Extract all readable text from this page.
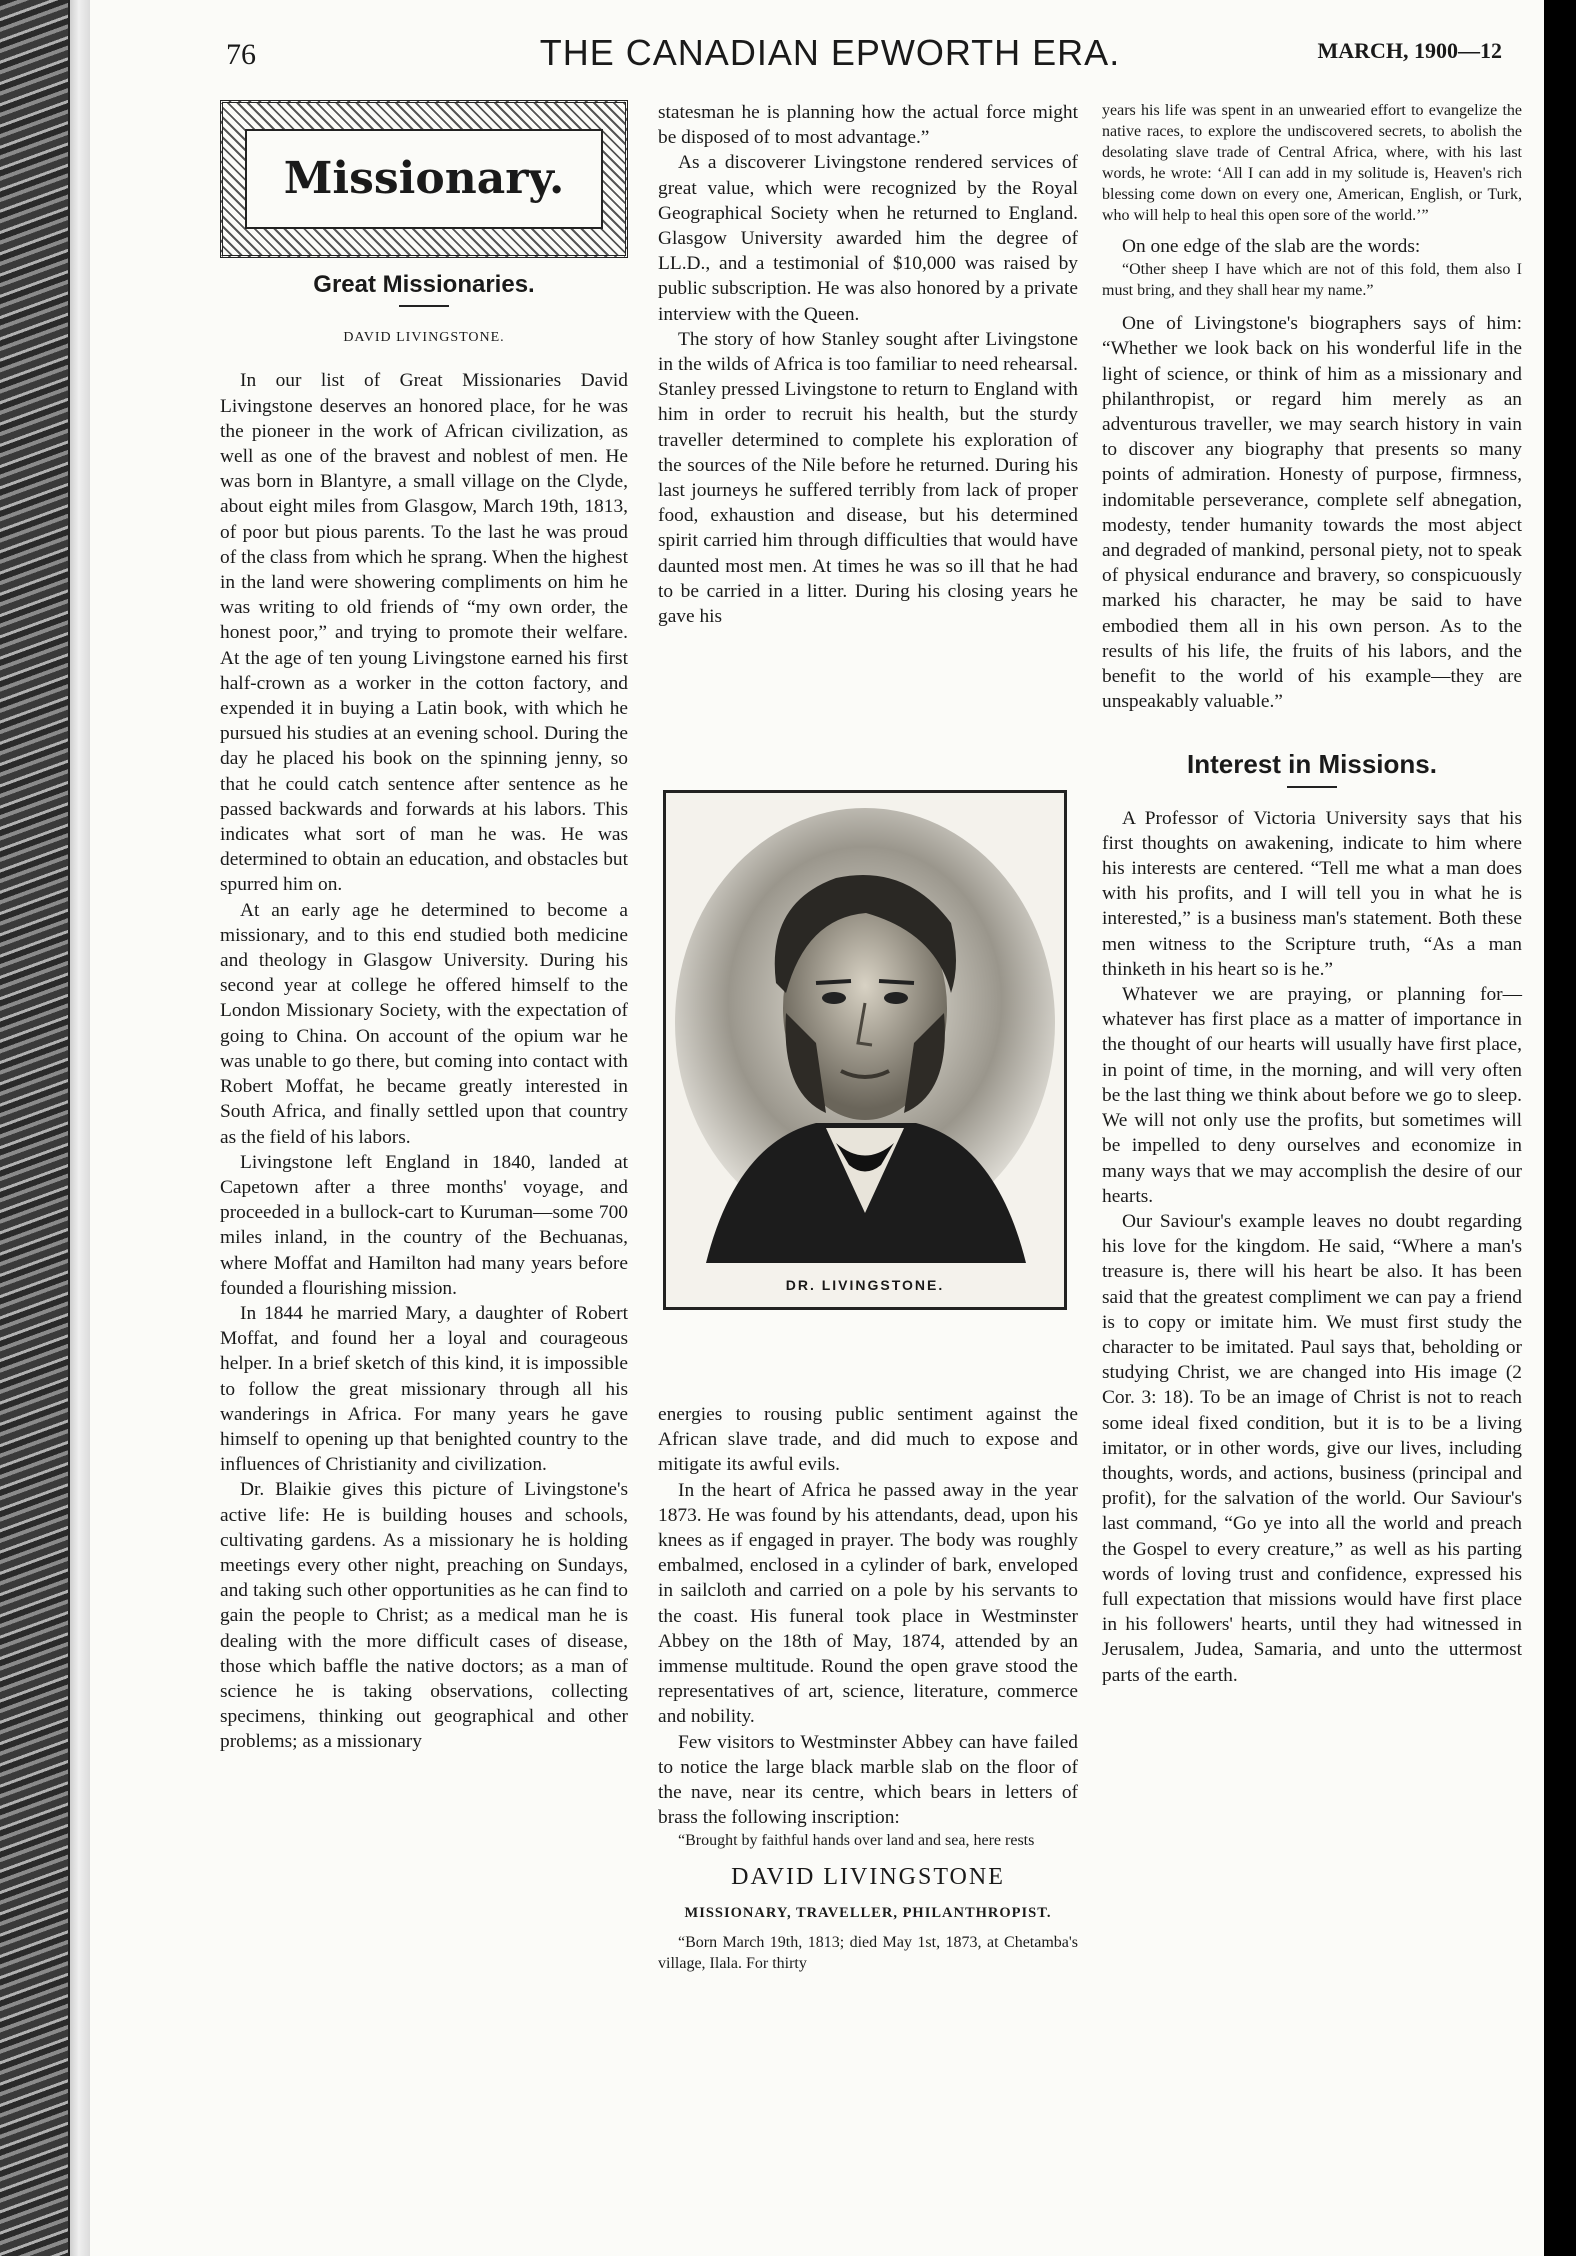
76	THE CANADIAN EPWORTH ERA.	MARCH, 1900—12
Missionary.
Great Missionaries.
DAVID LIVINGSTONE.

In our list of Great Missionaries David Livingstone deserves an honored place, for he was the pioneer in the work of African civilization, as well as one of the bravest and noblest of men. He was born in Blantyre, a small village on the Clyde, about eight miles from Glasgow, March 19th, 1813, of poor but pious parents. To the last he was proud of the class from which he sprang. When the highest in the land were showering compliments on him he was writing to old friends of “my own order, the honest poor,” and trying to promote their welfare. At the age of ten young Livingstone earned his first half-crown as a worker in the cotton factory, and expended it in buying a Latin book, with which he pursued his studies at an evening school. During the day he placed his book on the spinning jenny, so that he could catch sentence after sentence as he passed backwards and forwards at his labors. This indicates what sort of man he was. He was determined to obtain an education, and obstacles but spurred him on.

At an early age he determined to become a missionary, and to this end studied both medicine and theology in Glasgow University. During his second year at college he offered himself to the London Missionary Society, with the expectation of going to China. On account of the opium war he was unable to go there, but coming into contact with Robert Moffat, he became greatly interested in South Africa, and finally settled upon that country as the field of his labors.

Livingstone left England in 1840, landed at Capetown after a three months' voyage, and proceeded in a bullock-cart to Kuruman—some 700 miles inland, in the country of the Bechuanas, where Moffat and Hamilton had many years before founded a flourishing mission.

In 1844 he married Mary, a daughter of Robert Moffat, and found her a loyal and courageous helper. In a brief sketch of this kind, it is impossible to follow the great missionary through all his wanderings in Africa. For many years he gave himself to opening up that benighted country to the influences of Christianity and civilization.

Dr. Blaikie gives this picture of Livingstone's active life: He is building houses and schools, cultivating gardens. As a missionary he is holding meetings every other night, preaching on Sundays, and taking such other opportunities as he can find to gain the people to Christ; as a medical man he is dealing with the more difficult cases of disease, those which baffle the native doctors; as a man of science he is taking observations, collecting specimens, thinking out geographical and other problems; as a missionary

statesman he is planning how the actual force might be disposed of to most advantage.”

As a discoverer Livingstone rendered services of great value, which were recognized by the Royal Geographical Society when he returned to England. Glasgow University awarded him the degree of LL.D., and a testimonial of $10,000 was raised by public subscription. He was also honored by a private interview with the Queen.

The story of how Stanley sought after Livingstone in the wilds of Africa is too familiar to need rehearsal. Stanley pressed Livingstone to return to England with him in order to recruit his health, but the sturdy traveller determined to complete his exploration of the sources of the Nile before he returned. During his last journeys he suffered terribly from lack of proper food, exhaustion and disease, but his determined spirit carried him through difficulties that would have daunted most men. At times he was so ill that he had to be carried in a litter. During his closing years he gave his

DR. LIVINGSTONE.

energies to rousing public sentiment against the African slave trade, and did much to expose and mitigate its awful evils.

In the heart of Africa he passed away in the year 1873. He was found by his attendants, dead, upon his knees as if engaged in prayer. The body was roughly embalmed, enclosed in a cylinder of bark, enveloped in sailcloth and carried on a pole by his servants to the coast. His funeral took place in Westminster Abbey on the 18th of May, 1874, attended by an immense multitude. Round the open grave stood the representatives of art, science, literature, commerce and nobility.

Few visitors to Westminster Abbey can have failed to notice the large black marble slab on the floor of the nave, near its centre, which bears in letters of brass the following inscription:

“Brought by faithful hands over land and sea, here rests

DAVID LIVINGSTONE
MISSIONARY, TRAVELLER, PHILANTHROPIST.

“Born March 19th, 1813; died May 1st, 1873, at Chetamba's village, Ilala. For thirty

years his life was spent in an unwearied effort to evangelize the native races, to explore the undiscovered secrets, to abolish the desolating slave trade of Central Africa, where, with his last words, he wrote: ‘All I can add in my solitude is, Heaven's rich blessing come down on every one, American, English, or Turk, who will help to heal this open sore of the world.’”

On one edge of the slab are the words:

“Other sheep I have which are not of this fold, them also I must bring, and they shall hear my name.”

One of Livingstone's biographers says of him: “Whether we look back on his wonderful life in the light of science, or think of him as a missionary and philanthropist, or regard him merely as an adventurous traveller, we may search history in vain to discover any biography that presents so many points of admiration. Honesty of purpose, firmness, indomitable perseverance, complete self abnegation, modesty, tender humanity towards the most abject and degraded of mankind, personal piety, not to speak of physical endurance and bravery, so conspicuously marked his character, he may be said to have embodied them all in his own person. As to the results of his life, the fruits of his labors, and the benefit to the world of his example—they are unspeakably valuable.”

Interest in Missions.

A Professor of Victoria University says that his first thoughts on awakening, indicate to him where his interests are centered. “Tell me what a man does with his profits, and I will tell you in what he is interested,” is a business man's statement. Both these men witness to the Scripture truth, “As a man thinketh in his heart so is he.”

Whatever we are praying, or planning for—whatever has first place as a matter of importance in the thought of our hearts will usually have first place, in point of time, in the morning, and will very often be the last thing we think about before we go to sleep. We will not only use the profits, but sometimes will be impelled to deny ourselves and economize in many ways that we may accomplish the desire of our hearts.

Our Saviour's example leaves no doubt regarding his love for the kingdom. He said, “Where a man's treasure is, there will his heart be also. It has been said that the greatest compliment we can pay a friend is to copy or imitate him. We must first study the character to be imitated. Paul says that, beholding or studying Christ, we are changed into His image (2 Cor. 3: 18). To be an image of Christ is not to reach some ideal fixed condition, but it is to be a living imitator, or in other words, give our lives, including thoughts, words, and actions, business (principal and profit), for the salvation of the world. Our Saviour's last command, “Go ye into all the world and preach the Gospel to every creature,” as well as his parting words of loving trust and confidence, expressed his full expectation that missions would have first place in his followers' hearts, until they had witnessed in Jerusalem, Judea, Samaria, and unto the uttermost parts of the earth.
